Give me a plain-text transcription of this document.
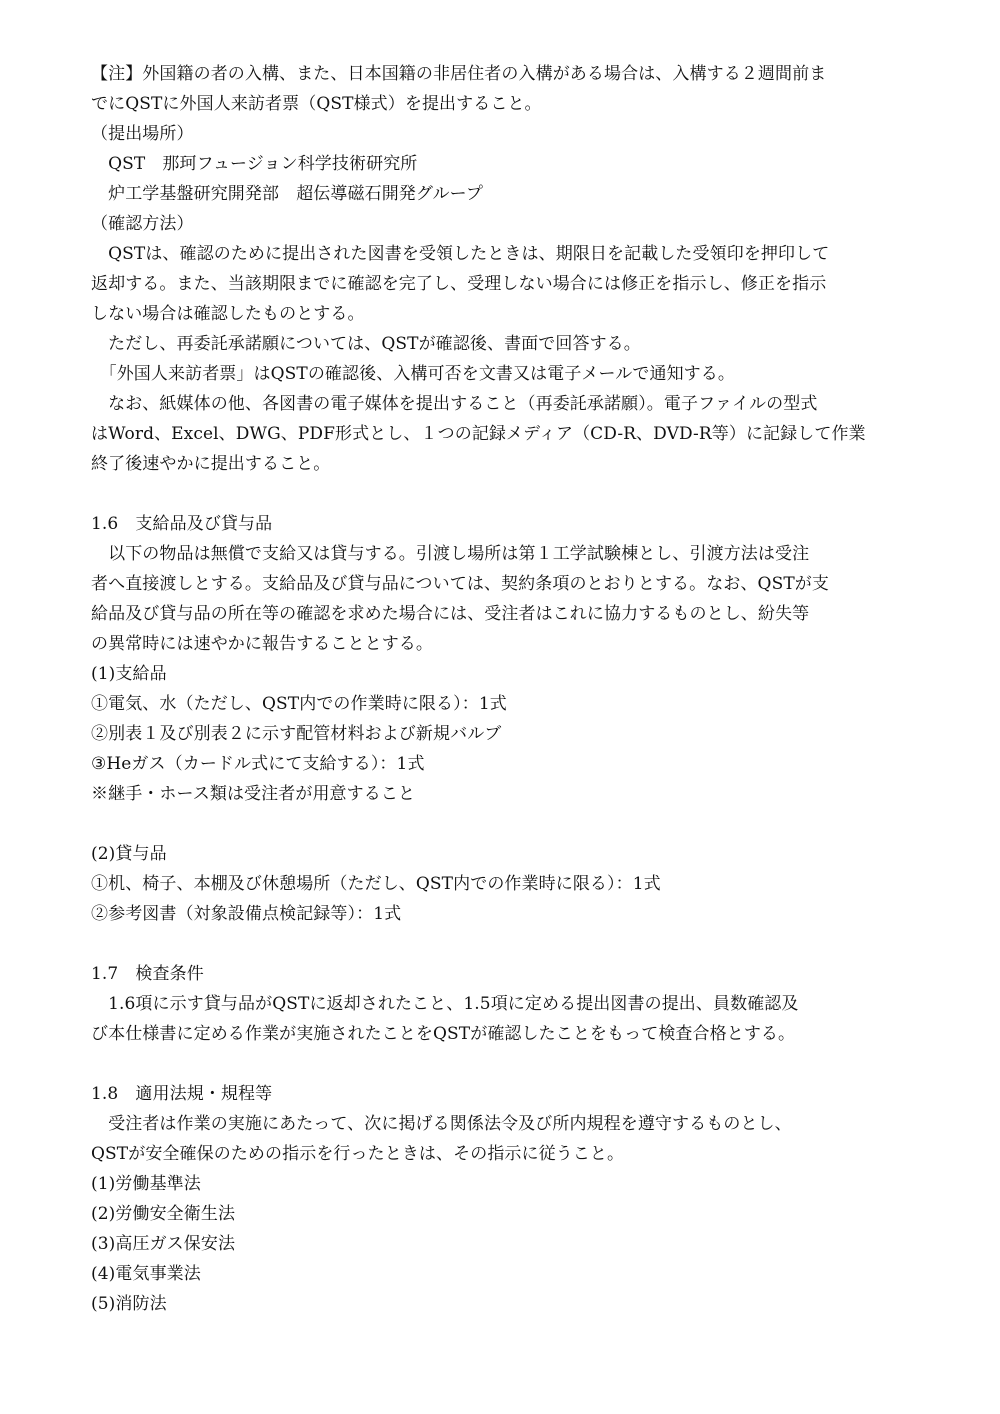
【注】外国籍の者の入構、また、日本国籍の非居住者の入構がある場合は、入構する２週間前ま
でにQSTに外国人来訪者票（QST様式）を提出すること。
（提出場所）
　QST　那珂フュージョン科学技術研究所
　炉工学基盤研究開発部　超伝導磁石開発グループ
（確認方法）
　QSTは、確認のために提出された図書を受領したときは、期限日を記載した受領印を押印して
返却する。また、当該期限までに確認を完了し、受理しない場合には修正を指示し、修正を指示
しない場合は確認したものとする。
　ただし、再委託承諾願については、QSTが確認後、書面で回答する。
　「外国人来訪者票」はQSTの確認後、入構可否を文書又は電子メールで通知する。
　なお、紙媒体の他、各図書の電子媒体を提出すること（再委託承諾願）。電子ファイルの型式
はWord、Excel、DWG、PDF形式とし、１つの記録メディア（CD-R、DVD-R等）に記録して作業
終了後速やかに提出すること。
1.6　支給品及び貸与品
　以下の物品は無償で支給又は貸与する。引渡し場所は第１工学試験棟とし、引渡方法は受注
者へ直接渡しとする。支給品及び貸与品については、契約条項のとおりとする。なお、QSTが支
給品及び貸与品の所在等の確認を求めた場合には、受注者はこれに協力するものとし、紛失等
の異常時には速やかに報告することとする。
(1)支給品
①電気、水（ただし、QST内での作業時に限る）：1式
②別表１及び別表２に示す配管材料および新規バルブ
③Heガス（カードル式にて支給する）：1式
※継手・ホース類は受注者が用意すること
(2)貸与品
①机、椅子、本棚及び休憩場所（ただし、QST内での作業時に限る）：1式
②参考図書（対象設備点検記録等）：1式
1.7　検査条件
　1.6項に示す貸与品がQSTに返却されたこと、1.5項に定める提出図書の提出、員数確認及
び本仕様書に定める作業が実施されたことをQSTが確認したことをもって検査合格とする。
1.8　適用法規・規程等
　受注者は作業の実施にあたって、次に掲げる関係法令及び所内規程を遵守するものとし、
QSTが安全確保のための指示を行ったときは、その指示に従うこと。
(1)労働基準法
(2)労働安全衛生法
(3)高圧ガス保安法
(4)電気事業法
(5)消防法
